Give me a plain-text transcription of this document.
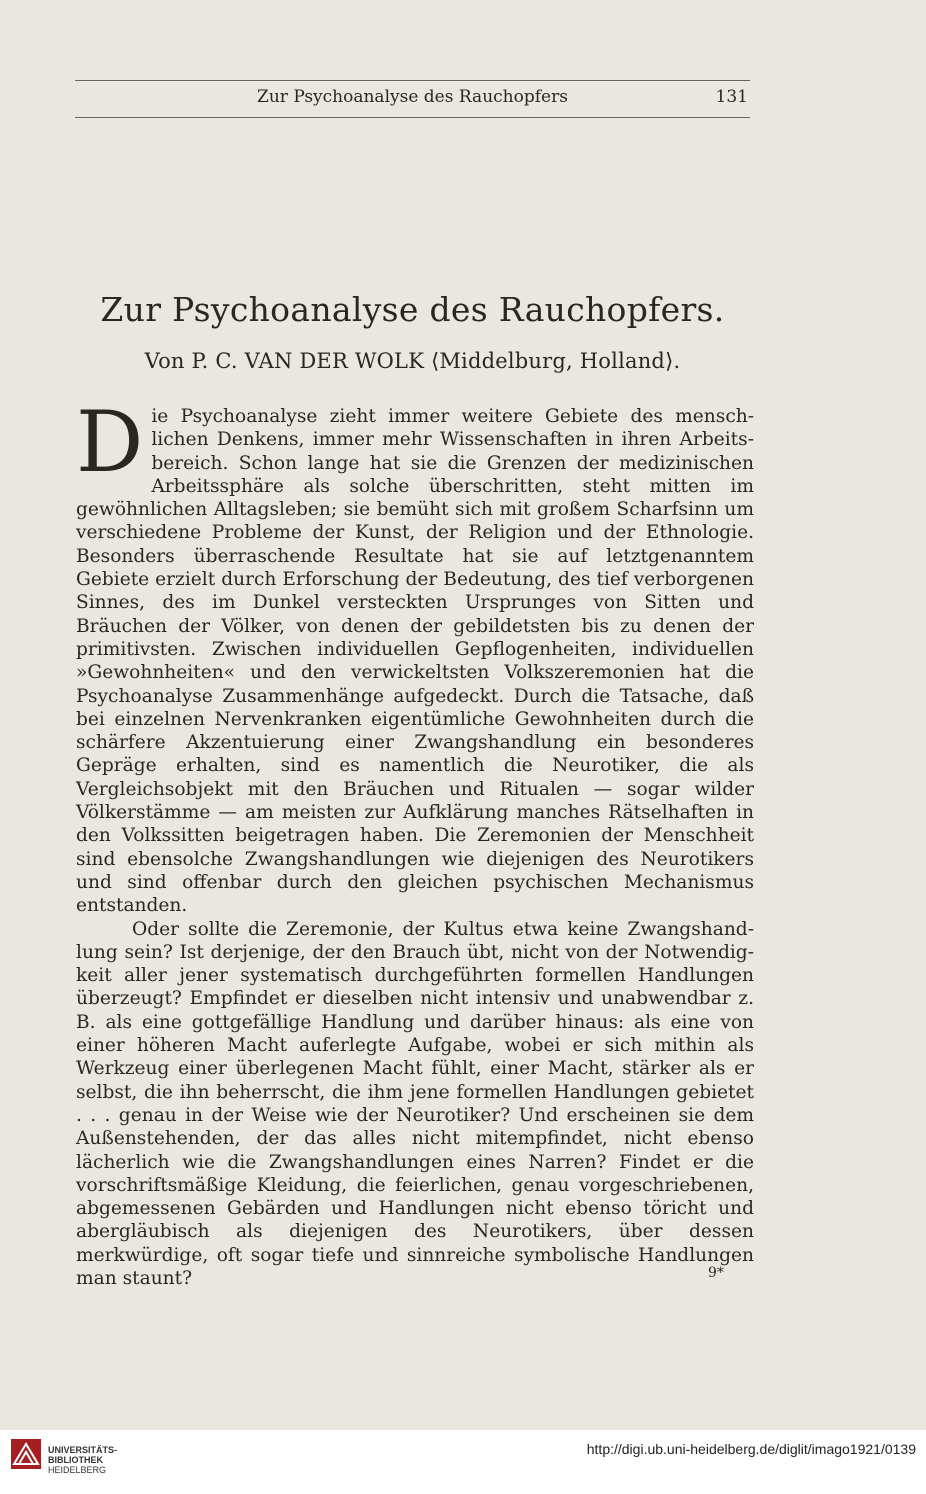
Zur Psychoanalyse des Rauchopfers	131
Zur Psychoanalyse des Rauchopfers.
Von P. C. VAN DER WOLK ⟨Middelburg, Holland⟩.

Die Psychoanalyse zieht immer weitere Gebiete des menschlichen Denkens, immer mehr Wissenschaften in ihren Arbeitsbereich. Schon lange hat sie die Grenzen der medizinischen Arbeitssphäre als solche überschritten, steht mitten im gewöhnlichen Alltagsleben; sie bemüht sich mit großem Scharfsinn um verschiedene Probleme der Kunst, der Religion und der Ethnologie. Besonders überraschende Resultate hat sie auf letztgenanntem Gebiete erzielt durch Erforschung der Bedeutung, des tief verborgenen Sinnes, des im Dunkel versteckten Ursprunges von Sitten und Bräuchen der Völker, von denen der gebildetsten bis zu denen der primitivsten. Zwischen individuellen Gepflogenheiten, individuellen »Gewohnheiten« und den verwickeltsten Volkszeremonien hat die Psychoanalyse Zusammenhänge aufgedeckt. Durch die Tatsache, daß bei einzelnen Nervenkranken eigentümliche Gewohnheiten durch die schärfere Akzentuierung einer Zwangshandlung ein besonderes Gepräge erhalten, sind es namentlich die Neurotiker, die als Vergleichsobjekt mit den Bräuchen und Ritualen — sogar wilder Völkerstämme — am meisten zur Aufklärung manches Rätselhaften in den Volkssitten beigetragen haben. Die Zeremonien der Menschheit sind ebensolche Zwangshandlungen wie diejenigen des Neurotikers und sind offenbar durch den gleichen psychischen Mechanismus entstanden.

Oder sollte die Zeremonie, der Kultus etwa keine Zwangshandlung sein? Ist derjenige, der den Brauch übt, nicht von der Notwendigkeit aller jener systematisch durchgeführten formellen Handlungen überzeugt? Empfindet er dieselben nicht intensiv und unabwendbar z. B. als eine gottgefällige Handlung und darüber hinaus: als eine von einer höheren Macht auferlegte Aufgabe, wobei er sich mithin als Werkzeug einer überlegenen Macht fühlt, einer Macht, stärker als er selbst, die ihn beherrscht, die ihm jene formellen Handlungen gebietet . . . genau in der Weise wie der Neurotiker? Und erscheinen sie dem Außenstehenden, der das alles nicht mitempfindet, nicht ebenso lächerlich wie die Zwangshandlungen eines Narren? Findet er die vorschriftsmäßige Kleidung, die feierlichen, genau vorgeschriebenen, abgemessenen Gebärden und Handlungen nicht ebenso töricht und abergläubisch als diejenigen des Neurotikers, über dessen merkwürdige, oft sogar tiefe und sinnreiche symbolische Handlungen man staunt?	9*
UNIVERSITÄTS-
BIBLIOTHEK
HEIDELBERG
http://digi.ub.uni-heidelberg.de/diglit/imago1921/0139
